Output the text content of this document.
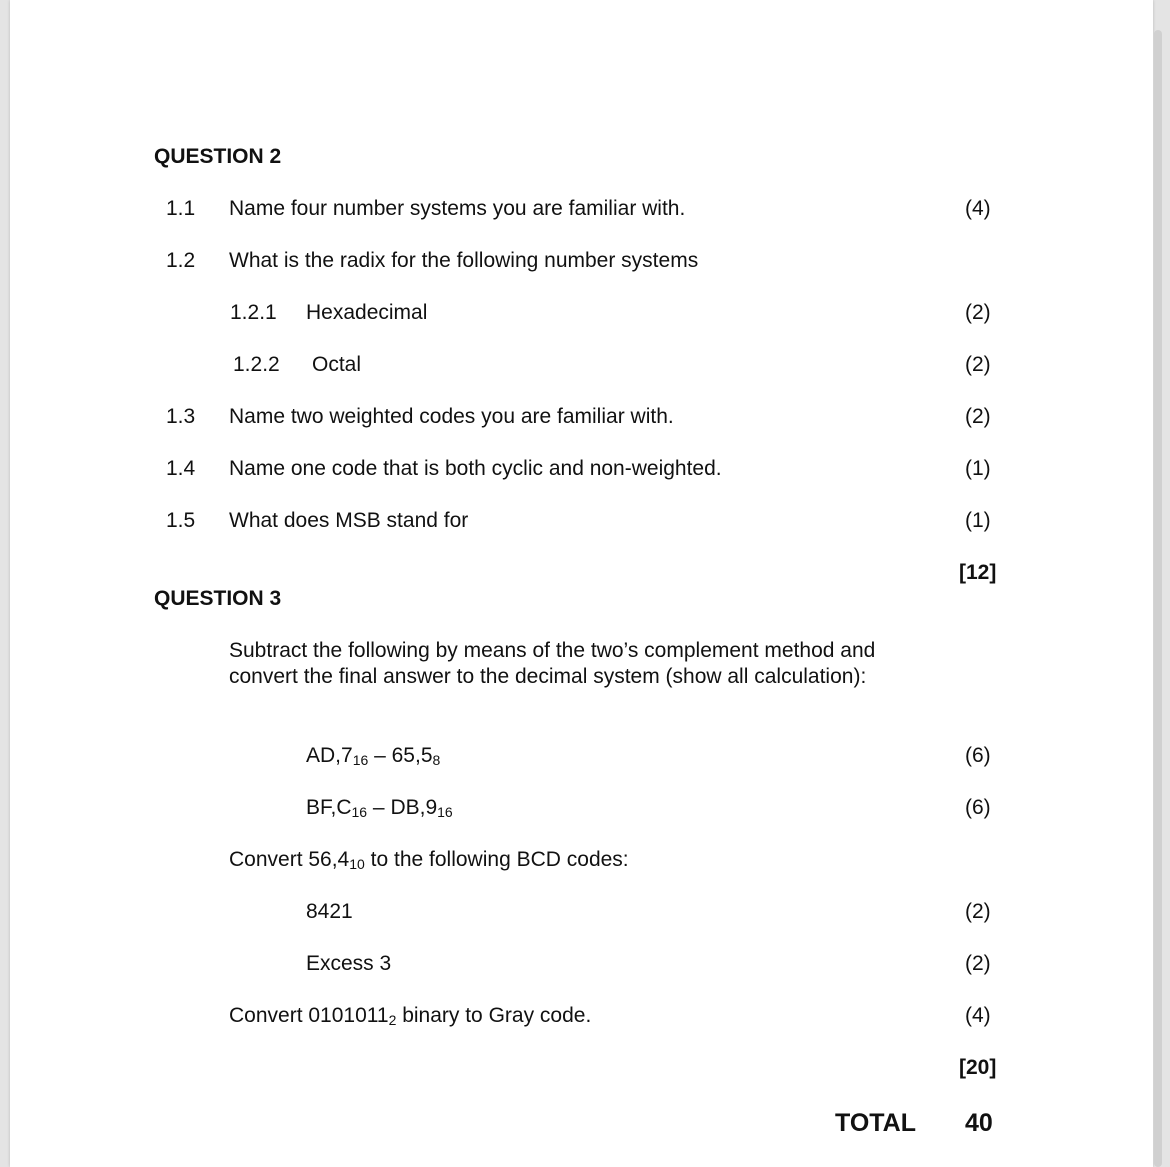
QUESTION 2
1.1 Name four number systems you are familiar with.	(4)
1.2 What is the radix for the following number systems
1.2.1 Hexadecimal	(2)
1.2.2 Octal	(2)
1.3 Name two weighted codes you are familiar with.	(2)
1.4 Name one code that is both cyclic and non-weighted.	(1)
1.5 What does MSB stand for	(1)
[12]
QUESTION 3
Subtract the following by means of the two’s complement method and convert the final answer to the decimal system (show all calculation):
$AD,7_{16} - 65,5_8$	(6)
$BF,C_{16} - DB,9_{16}$	(6)
Convert $56,4_{10}$ to the following BCD codes:
8421	(2)
Excess 3	(2)
Convert $0101011_2$ binary to Gray code.	(4)
[20]
TOTAL 40
